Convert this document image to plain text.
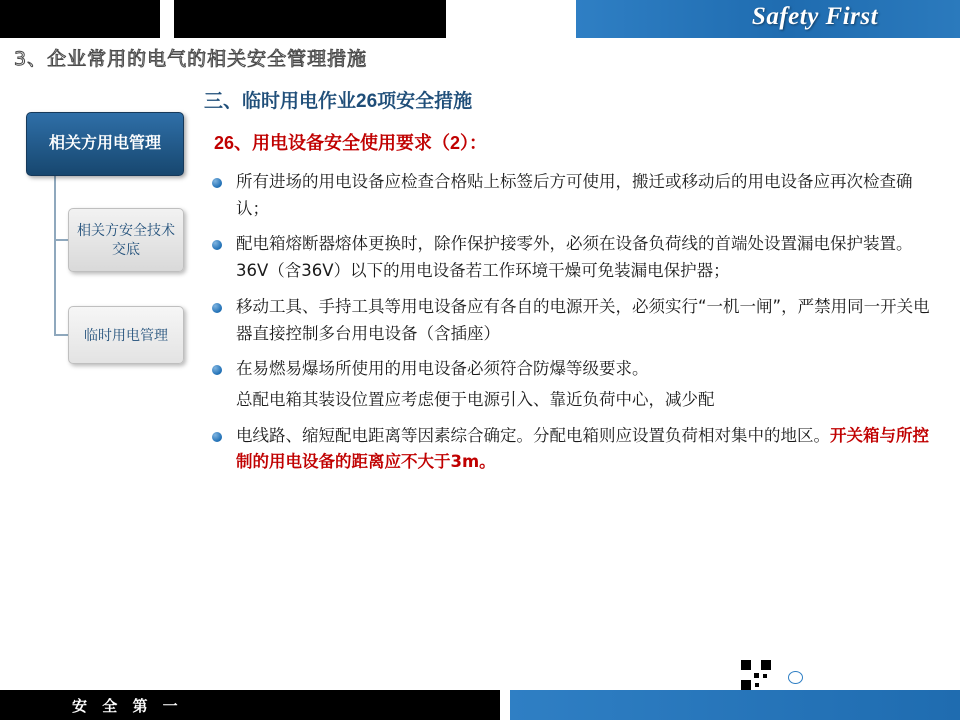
Safety First
3、企业常用的电气的相关安全管理措施
相关方用电管理
相关方安全技术交底
临时用电管理
三、临时用电作业26项安全措施
26、用电设备安全使用要求（2）：
所有进场的用电设备应检查合格贴上标签后方可使用，搬迁或移动后的用电设备应再次检查确认；
配电箱熔断器熔体更换时，除作保护接零外，必须在设备负荷线的首端处设置漏电保护装置。36V（含36V）以下的用电设备若工作环境干燥可免装漏电保护器；
移动工具、手持工具等用电设备应有各自的电源开关，必须实行“一机一闸”，严禁用同一开关电器直接控制多台用电设备（含插座）
在易燃易爆场所使用的用电设备必须符合防爆等级要求。
总配电箱其装设位置应考虑便于电源引入、靠近负荷中心，减少配
电线路、缩短配电距离等因素综合确定。分配电箱则应设置负荷相对集中的地区。开关箱与所控制的用电设备的距离应不大于3m。
每日安全生产
安 全 第 一
